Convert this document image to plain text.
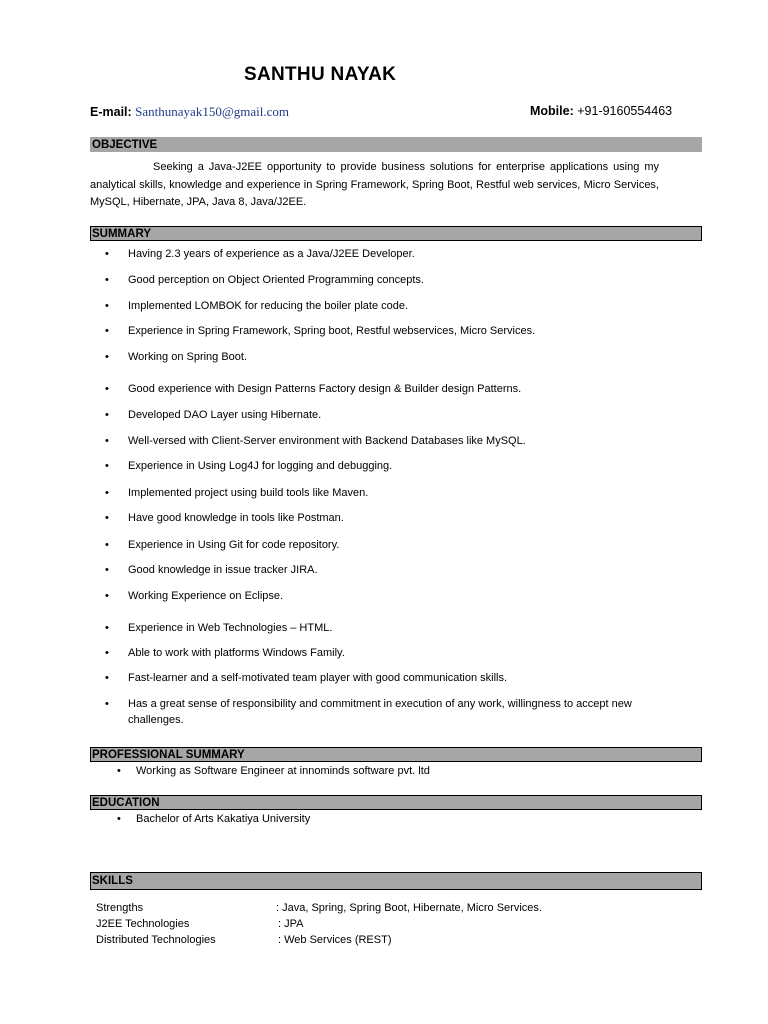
SANTHU NAYAK
E-mail: Santhunayak150@gmail.com	Mobile: +91-9160554463
OBJECTIVE
Seeking a Java-J2EE opportunity to provide business solutions for enterprise applications using my analytical skills, knowledge and experience in Spring Framework, Spring Boot, Restful web services, Micro Services, MySQL, Hibernate, JPA, Java 8, Java/J2EE.
SUMMARY
• Having 2.3 years of experience as a Java/J2EE Developer.
• Good perception on Object Oriented Programming concepts.
• Implemented LOMBOK for reducing the boiler plate code.
• Experience in Spring Framework, Spring boot, Restful webservices, Micro Services.
• Working on Spring Boot.
• Good experience with Design Patterns Factory design & Builder design Patterns.
• Developed DAO Layer using Hibernate.
• Well-versed with Client-Server environment with Backend Databases like MySQL.
• Experience in Using Log4J for logging and debugging.
• Implemented project using build tools like Maven.
• Have good knowledge in tools like Postman.
• Experience in Using Git for code repository.
• Good knowledge in issue tracker JIRA.
• Working Experience on Eclipse.
• Experience in Web Technologies – HTML.
• Able to work with platforms Windows Family.
• Fast-learner and a self-motivated team player with good communication skills.
• Has a great sense of responsibility and commitment in execution of any work, willingness to accept new challenges.
PROFESSIONAL SUMMARY
• Working as Software Engineer at innominds software pvt. ltd
EDUCATION
• Bachelor of Arts Kakatiya University
SKILLS
Strengths	: Java, Spring, Spring Boot, Hibernate, Micro Services.
J2EE Technologies	: JPA
Distributed Technologies	: Web Services (REST)
